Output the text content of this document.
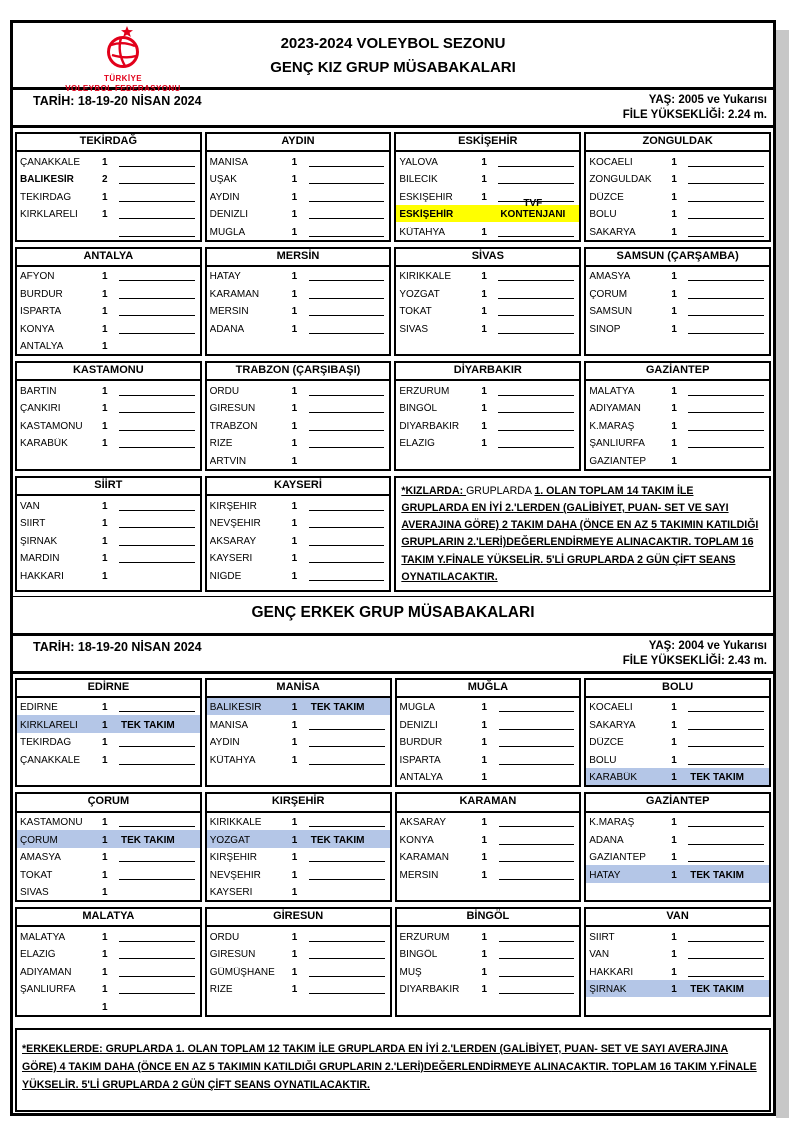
TÜRKİYE
VOLEYBOL FEDERASYONU
2023-2024 VOLEYBOL SEZONU
GENÇ KIZ GRUP MÜSABAKALARI
TARİH: 18-19-20 NİSAN 2024	YAŞ: 2005 ve Yukarısı
FİLE YÜKSEKLİĞİ: 2.24 m.
TEKİRDAĞ
ÇANAKKALE	1
BALIKESİR	2
TEKİRDAĞ	1
KIRKLARELİ	1
AYDIN
MANİSA	1
UŞAK	1
AYDIN	1
DENİZLİ	1
MUĞLA	1
ESKİŞEHİR
YALOVA	1
BİLECİK	1
ESKİŞEHİR	1
ESKİŞEHİR
TVF KONTENJANI
KÜTAHYA	1
ZONGULDAK
KOCAELİ	1
ZONGULDAK	1
DÜZCE	1
BOLU	1
SAKARYA	1
ANTALYA
AFYON	1
BURDUR	1
ISPARTA	1
KONYA	1
ANTALYA	1
MERSİN
HATAY	1
KARAMAN	1
MERSİN	1
ADANA	1
SİVAS
KIRIKKALE	1
YOZGAT	1
TOKAT	1
SİVAS	1
SAMSUN (ÇARŞAMBA)
AMASYA	1
ÇORUM	1
SAMSUN	1
SİNOP	1
KASTAMONU
BARTIN	1
ÇANKIRI	1
KASTAMONU	1
KARABÜK	1
TRABZON (ÇARŞIBAŞI)
ORDU	1
GİRESUN	1
TRABZON	1
RİZE	1
ARTVİN	1
DİYARBAKIR
ERZURUM	1
BİNGÖL	1
DİYARBAKIR	1
ELAZIĞ	1
GAZİANTEP
MALATYA	1
ADIYAMAN	1
K.MARAŞ	1
ŞANLIURFA	1
GAZİANTEP	1
SİİRT
VAN	1
SİİRT	1
ŞIRNAK	1
MARDİN	1
HAKKARİ	1
KAYSERİ
KIRŞEHİR	1
NEVŞEHİR	1
AKSARAY	1
KAYSERİ	1
NİĞDE	1
*KIZLARDA: GRUPLARDA 1. OLAN TOPLAM 14 TAKIM İLE GRUPLARDA EN İYİ 2.'LERDEN (GALİBİYET, PUAN- SET VE SAYI AVERAJINA GÖRE) 2 TAKIM DAHA (ÖNCE EN AZ 5 TAKIMIN KATILDIĞI GRUPLARIN 2.'LERİ)DEĞERLENDİRMEYE ALINACAKTIR. TOPLAM 16 TAKIM Y.FİNALE YÜKSELİR. 5'Lİ GRUPLARDA 2 GÜN ÇİFT SEANS OYNATILACAKTIR.
GENÇ ERKEK GRUP MÜSABAKALARI
TARİH: 18-19-20 NİSAN 2024	YAŞ: 2004 ve Yukarısı
FİLE YÜKSEKLİĞİ: 2.43 m.
EDİRNE
EDİRNE	1
KIRKLARELİ	1	TEK TAKIM
TEKİRDAĞ	1
ÇANAKKALE	1
MANİSA
BALIKESİR	1	TEK TAKIM
MANİSA	1
AYDIN	1
KÜTAHYA	1
MUĞLA
MUĞLA	1
DENİZLİ	1
BURDUR	1
ISPARTA	1
ANTALYA	1
BOLU
KOCAELİ	1
SAKARYA	1
DÜZCE	1
BOLU	1
KARABÜK	1	TEK TAKIM
ÇORUM
KASTAMONU	1
ÇORUM	1	TEK TAKIM
AMASYA	1
TOKAT	1
SİVAS	1
KIRŞEHİR
KIRIKKALE	1
YOZGAT	1	TEK TAKIM
KIRŞEHİR	1
NEVŞEHİR	1
KAYSERİ	1
KARAMAN
AKSARAY	1
KONYA	1
KARAMAN	1
MERSİN	1
GAZİANTEP
K.MARAŞ	1
ADANA	1
GAZİANTEP	1
HATAY	1	TEK TAKIM
MALATYA
MALATYA	1
ELAZIĞ	1
ADIYAMAN	1
ŞANLIURFA	1
1
GİRESUN
ORDU	1
GİRESUN	1
GÜMÜŞHANE	1
RİZE	1
BİNGÖL
ERZURUM	1
BİNGÖL	1
MUŞ	1
DİYARBAKIR	1
VAN
SİİRT	1
VAN	1
HAKKARİ	1
ŞIRNAK	1	TEK TAKIM
*ERKEKLERDE: GRUPLARDA 1. OLAN TOPLAM 12 TAKIM İLE GRUPLARDA EN İYİ 2.'LERDEN (GALİBİYET, PUAN- SET VE SAYI AVERAJINA GÖRE) 4 TAKIM DAHA (ÖNCE EN AZ 5 TAKIMIN KATILDIĞI GRUPLARIN 2.'LERİ)DEĞERLENDİRMEYE ALINACAKTIR. TOPLAM 16 TAKIM Y.FİNALE YÜKSELİR. 5'Lİ GRUPLARDA 2 GÜN ÇİFT SEANS OYNATILACAKTIR.
